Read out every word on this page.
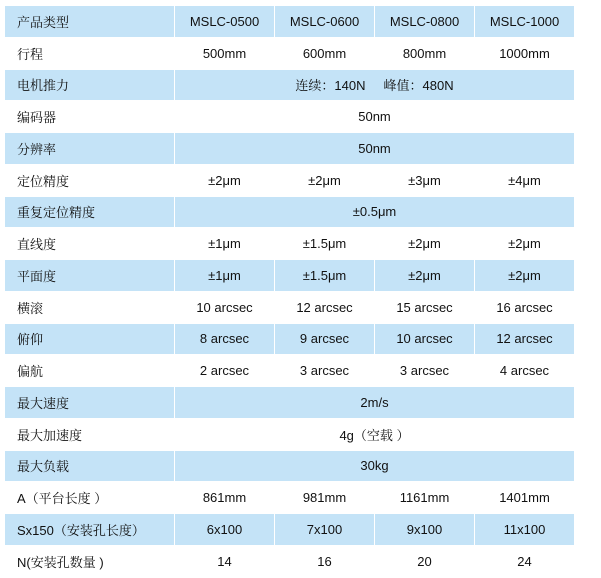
产品类型	MSLC-0500	MSLC-0600	MSLC-0800	MSLC-1000
行程	500mm	600mm	800mm	1000mm
电机推力	连续：140N     峰值：480N			
编码器	50nm			
分辨率	50nm			
定位精度	±2μm	±2μm	±3μm	±4μm
重复定位精度	±0.5μm			
直线度	±1μm	±1.5μm	±2μm	±2μm
平面度	±1μm	±1.5μm	±2μm	±2μm
横滚	10 arcsec	12 arcsec	15 arcsec	16 arcsec
俯仰	8 arcsec	9 arcsec	10 arcsec	12 arcsec
偏航	2 arcsec	3 arcsec	3 arcsec	4 arcsec
最大速度	2m/s			
最大加速度	4g（空载 ）			
最大负载	30kg			
A（平台长度 ）	861mm	981mm	1161mm	1401mm
Sx150（安装孔长度）	6x100	7x100	9x100	11x100
N(安装孔数量 )	14	16	20	24
